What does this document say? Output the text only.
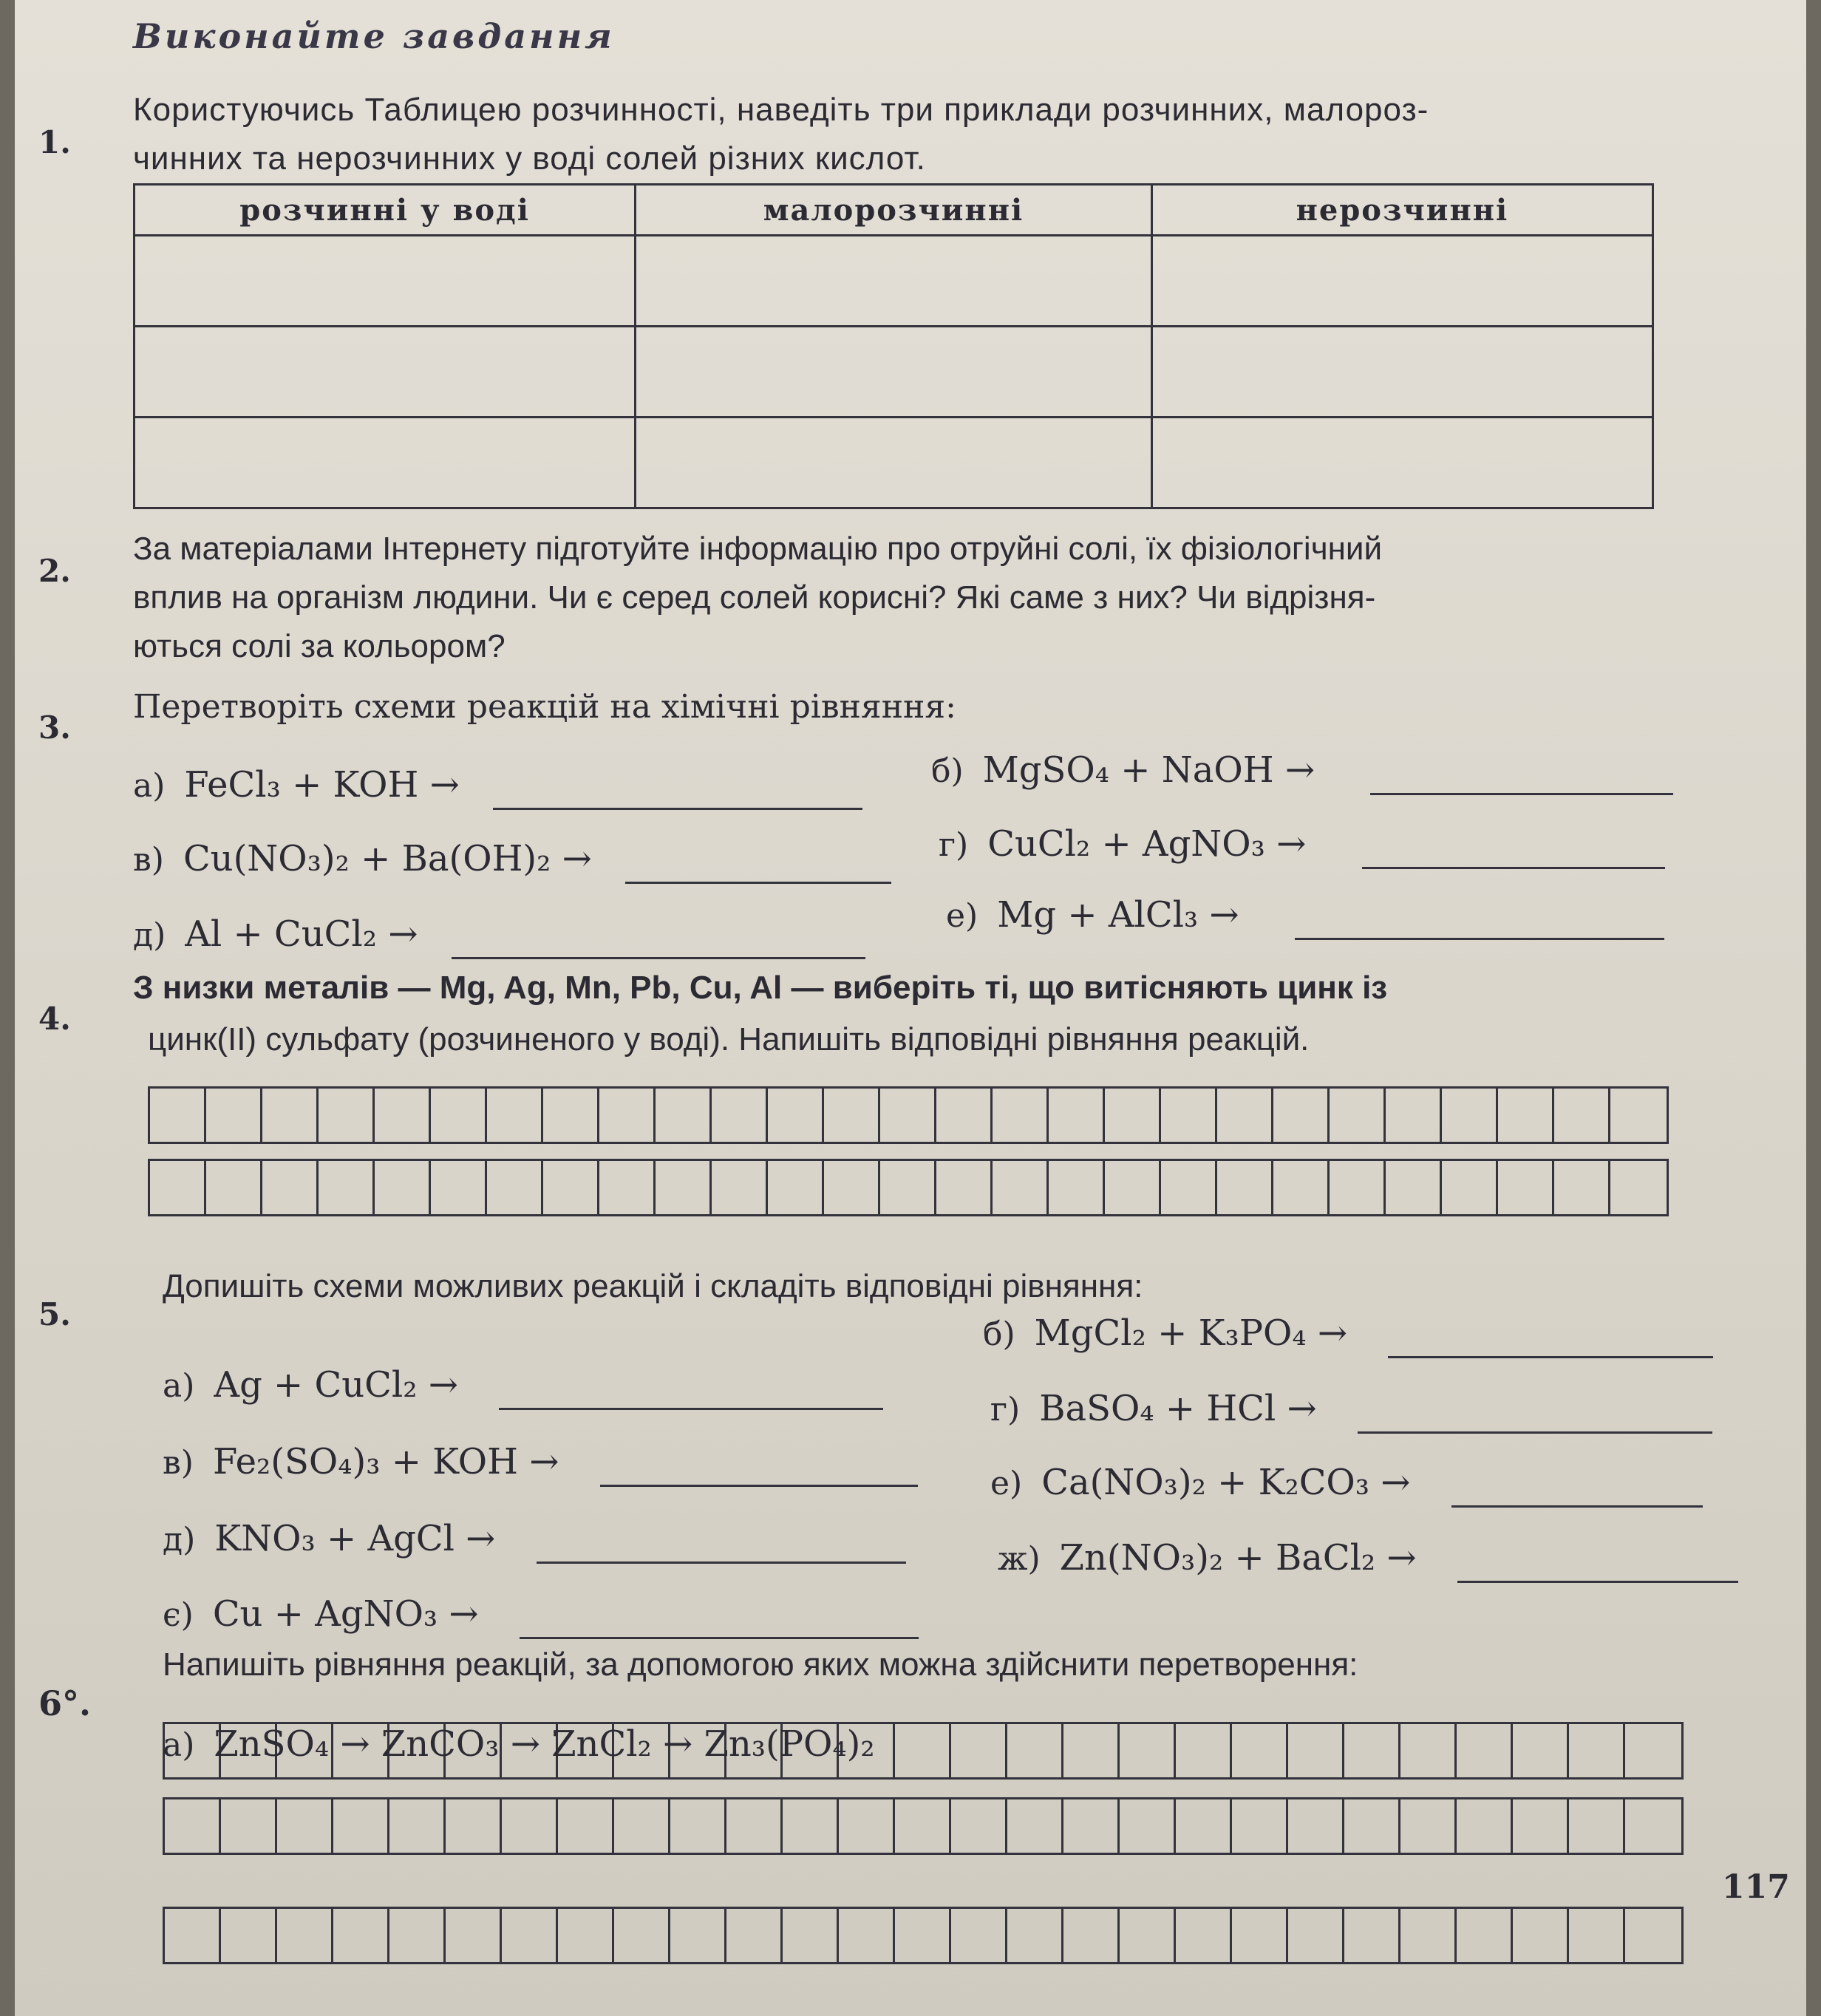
Виконайте завдання
1.
Користуючись Таблицею розчинності, наведіть три приклади розчинних, малороз-
чинних та нерозчинних у воді солей різних кислот.
розчинні у воді	малорозчинні	нерозчинні

2.
За матеріалами Інтернету підготуйте інформацію про отруйні солі, їх фізіологічний
вплив на організм людини. Чи є серед солей корисні? Які саме з них? Чи відрізня-
ються солі за кольором?
3.
Перетворіть схеми реакцій на хімічні рівняння:
а) FeCl₃ + KOH →	б) MgSO₄ + NaOH →
в) Cu(NO₃)₂ + Ba(OH)₂ →	г) CuCl₂ + AgNO₃ →
д) Al + CuCl₂ →	е) Mg + AlCl₃ →
4.
З низки металів — Mg, Ag, Mn, Pb, Cu, Al — виберіть ті, що витісняють цинк із
цинк(II) сульфату (розчиненого у воді). Напишіть відповідні рівняння реакцій.
5.
Допишіть схеми можливих реакцій і складіть відповідні рівняння:
а) Ag + CuCl₂ →
б) MgCl₂ + K₃PO₄ →
в) Fe₂(SO₄)₃ + KOH →
г) BaSO₄ + HCl →
д) KNO₃ + AgCl →
е) Ca(NO₃)₂ + K₂CO₃ →
є) Cu + AgNO₃ →
ж) Zn(NO₃)₂ + BaCl₂ →
6°.
Напишіть рівняння реакцій, за допомогою яких можна здійснити перетворення:
а) ZnSO₄ → ZnCO₃ → ZnCl₂ → Zn₃(PO₄)₂
117
